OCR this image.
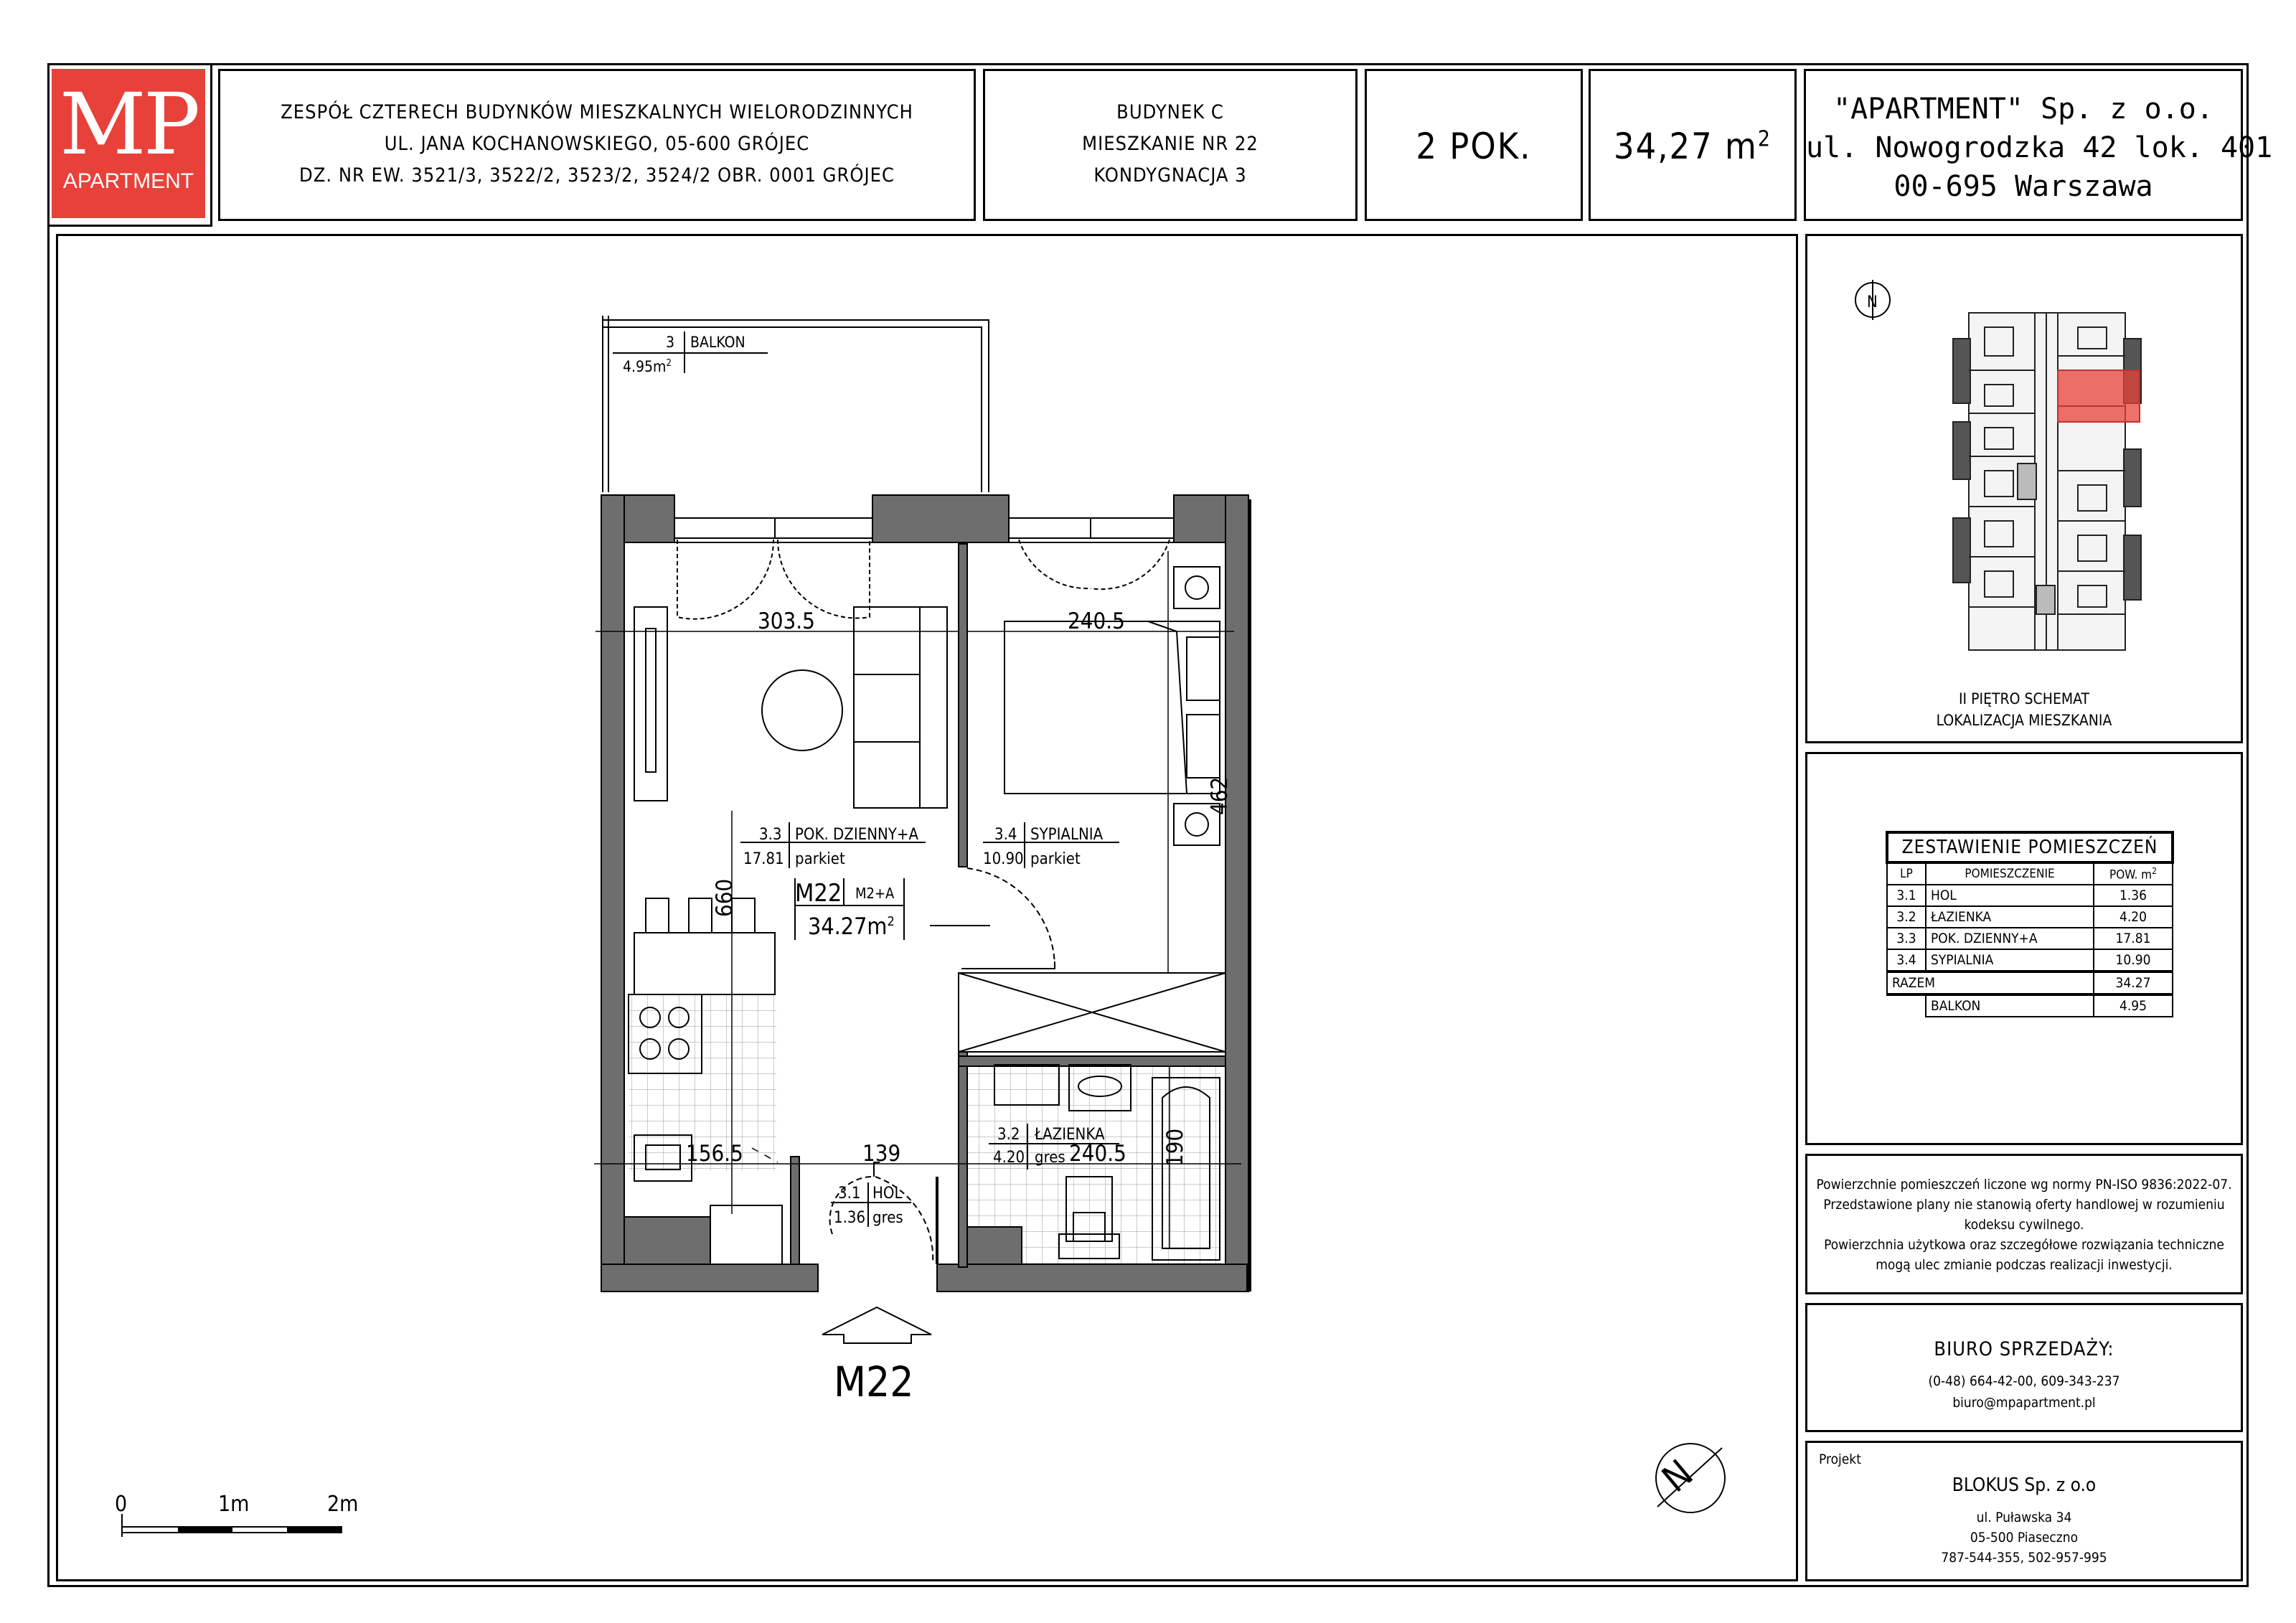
MP
APARTMENT
ZESPÓŁ CZTERECH BUDYNKÓW MIESZKALNYCH WIELORODZINNYCH
UL. JANA KOCHANOWSKIEGO, 05-600 GRÓJEC
DZ. NR EW. 3521/3, 3522/2, 3523/2, 3524/2 OBR. 0001 GRÓJEC
BUDYNEK C
MIESZKANIE NR 22
KONDYGNACJA 3
2 POK.	34,27 $m^2$
"APARTMENT" Sp. z o.o.
ul. Nowogrodzka 42 lok. 401
00-695 Warszawa
II PIĘTRO SCHEMAT
LOKALIZACJA MIESZKANIA
N
ZESTAWIENIE POMIESZCZEŃ		
LP	POMIESZCZENIE	POW. $m^2$
3.1	HOL	1.36
3.2	ŁAZIENKA	4.20
3.3	POK. DZIENNY+A	17.81
3.4	SYPIALNIA	10.90
RAZEM		34.27
	BALKON	4.95
Powierzchnie pomieszczeń liczone wg normy PN-ISO 9836:2022-07.
Przedstawione plany nie stanowią oferty handlowej w rozumieniu
kodeksu cywilnego.
Powierzchnia użytkowa oraz szczegółowe rozwiązania techniczne
mogą ulec zmianie podczas realizacji inwestycji.
BIURO SPRZEDAŻY:
(0-48) 664-42-00, 609-343-237
biuro@mpapartment.pl
Projekt
BLOKUS Sp. z o.o
ul. Puławska 34
05-500 Piaseczno
787-544-355, 502-957-995
3 BALKON
$4.95m^2$
303.5	240.5
156.5	139	240.5
462
660
190
3.3 POK. DZIENNY+A
17.81 parkiet
3.4 SYPIALNIA
10.90 parkiet
3.2 ŁAZIENKA
4.20 gres
3.1 HOL
1.36 gres
M22 M2+A
$34.27m^2$
M22
0	1m	2m
N
